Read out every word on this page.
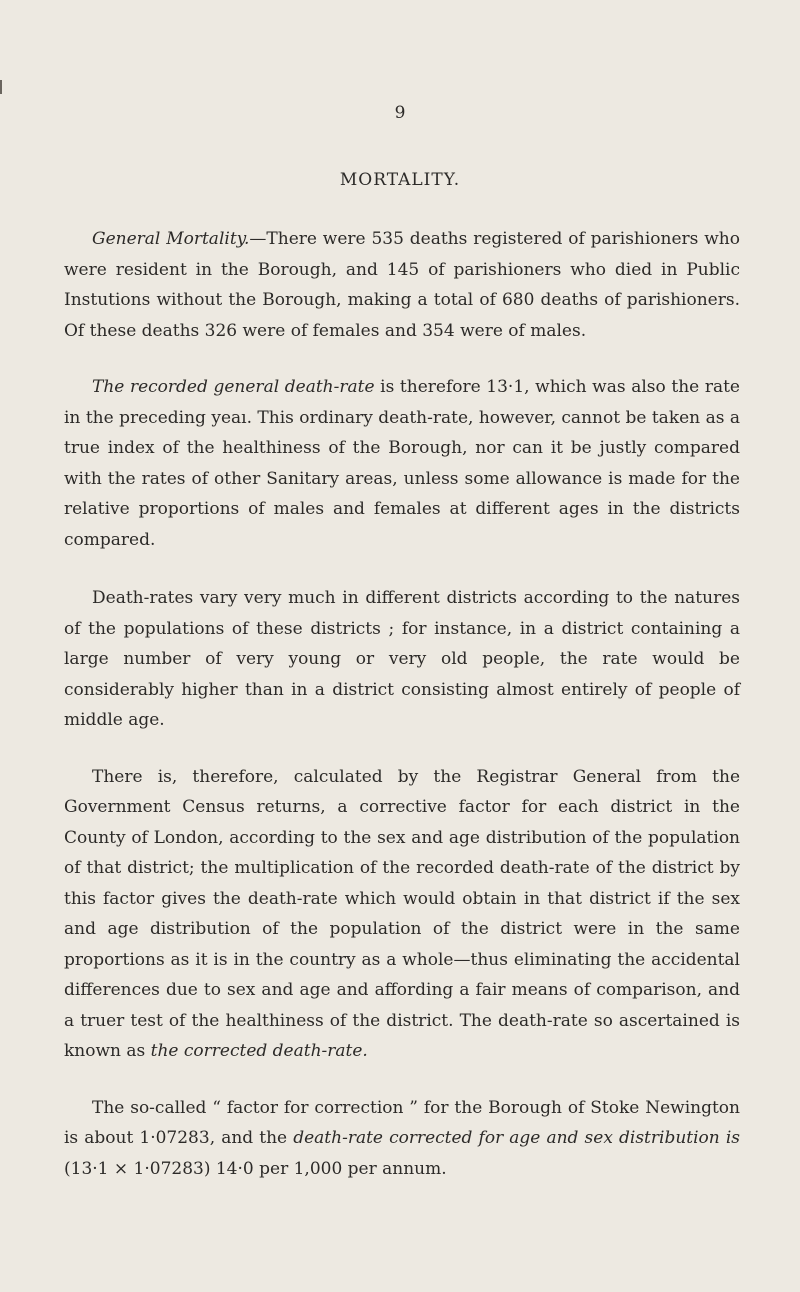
9
MORTALITY.

General Mortality.—There were 535 deaths registered of parishioners who were resident in the Borough, and 145 of parishioners who died in Public Instutions without the Borough, making a total of 680 deaths of parishioners. Of these deaths 326 were of females and 354 were of males.

The recorded general death-rate is therefore 13·1, which was also the rate in the preceding yeaı. This ordinary death-rate, however, cannot be taken as a true index of the healthiness of the Borough, nor can it be justly compared with the rates of other Sanitary areas, unless some allowance is made for the relative proportions of males and females at different ages in the districts compared.

Death-rates vary very much in different districts according to the natures of the populations of these districts ; for instance, in a district containing a large number of very young or very old people, the rate would be considerably higher than in a district consisting almost entirely of people of middle age.

There is, therefore, calculated by the Registrar General from the Government Census returns, a corrective factor for each district in the County of London, according to the sex and age distribution of the population of that district; the multiplication of the recorded death-rate of the district by this factor gives the death-rate which would obtain in that district if the sex and age distribution of the population of the district were in the same proportions as it is in the country as a whole—thus eliminating the accidental differences due to sex and age and affording a fair means of comparison, and a truer test of the healthiness of the district. The death-rate so ascertained is known as the corrected death-rate.

The so-called “ factor for correction ” for the Borough of Stoke Newington is about 1·07283, and the death-rate corrected for age and sex distribution is (13·1 × 1·07283) 14·0 per 1,000 per annum.
